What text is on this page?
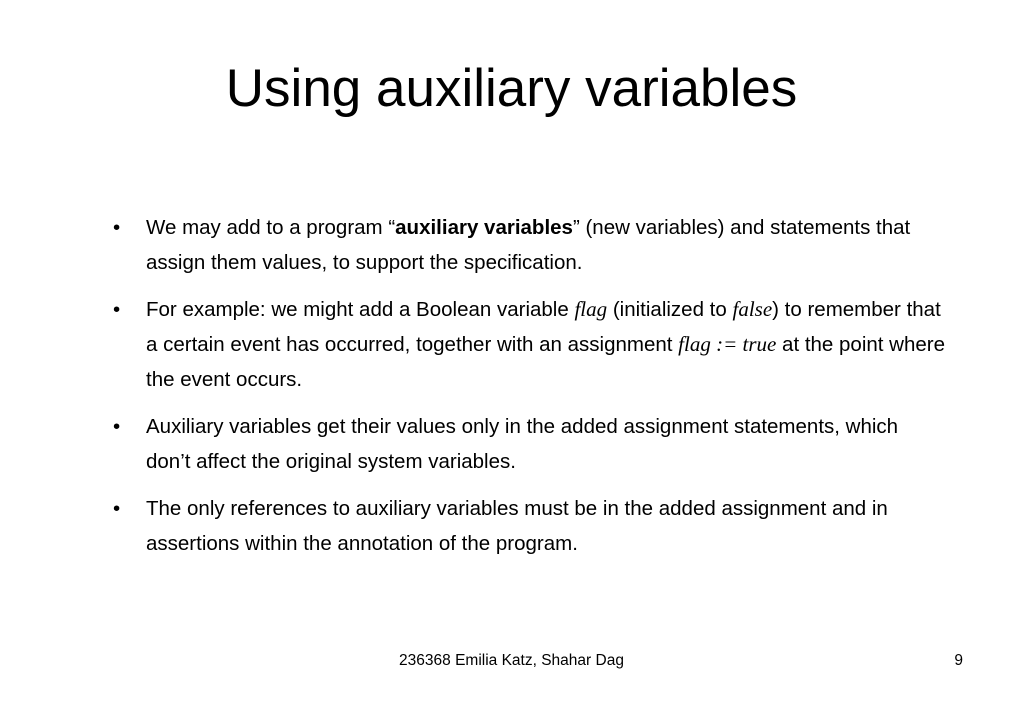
Using auxiliary variables
• We may add to a program “auxiliary variables” (new variables) and statements that assign them values, to support the specification.
• For example: we might add a Boolean variable flag (initialized to false) to remember that a certain event has occurred, together with an assignment flag := true at the point where the event occurs.
• Auxiliary variables get their values only in the added assignment statements, which don’t affect the original system variables.
• The only references to auxiliary variables must be in the added assignment and in assertions within the annotation of the program.
236368 Emilia Katz, Shahar Dag	9
